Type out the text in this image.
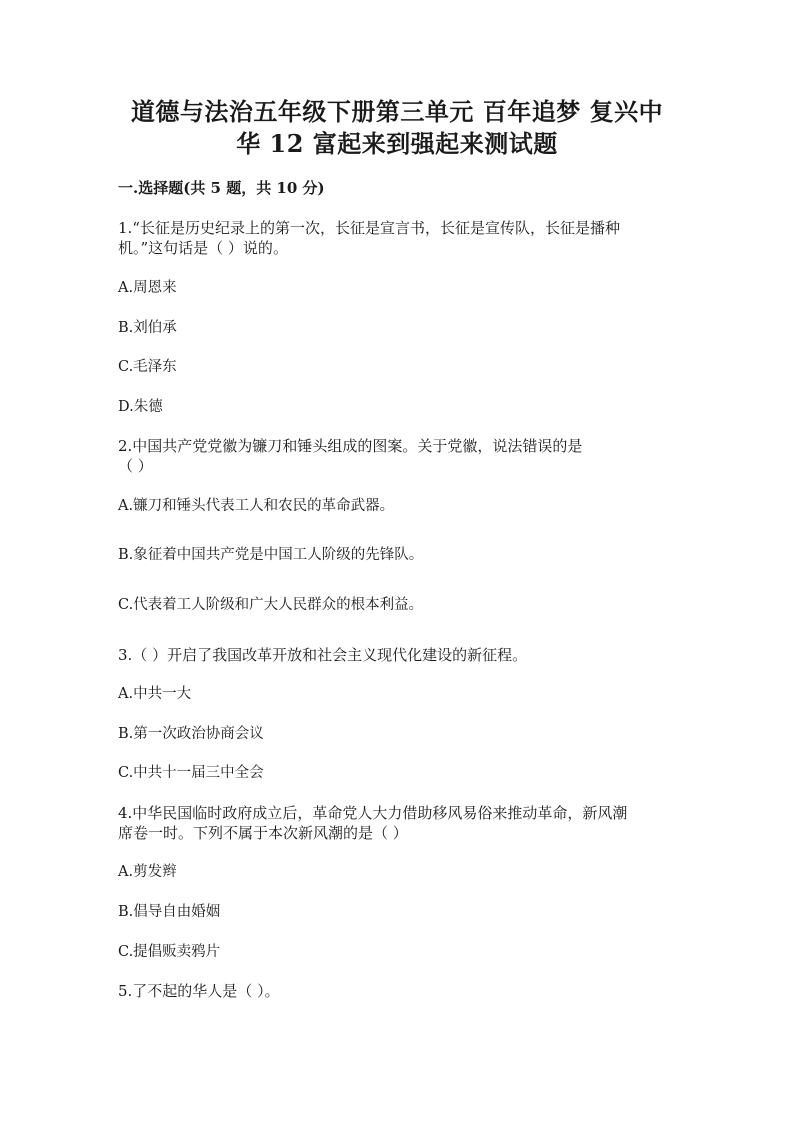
道德与法治五年级下册第三单元 百年追梦 复兴中
华 12 富起来到强起来测试题
一.选择题(共 5 题，共 10 分)
1.“长征是历史纪录上的第一次，长征是宣言书，长征是宣传队，长征是播种
机。”这句话是（ ）说的。
A.周恩来
B.刘伯承
C.毛泽东
D.朱德
2.中国共产党党徽为镰刀和锤头组成的图案。关于党徽，说法错误的是
（ ）
A.镰刀和锤头代表工人和农民的革命武器。
B.象征着中国共产党是中国工人阶级的先锋队。
C.代表着工人阶级和广大人民群众的根本利益。
3.（ ）开启了我国改革开放和社会主义现代化建设的新征程。
A.中共一大
B.第一次政治协商会议
C.中共十一届三中全会
4.中华民国临时政府成立后，革命党人大力借助移风易俗来推动革命，新风潮
席卷一时。下列不属于本次新风潮的是（ ）
A.剪发辫
B.倡导自由婚姻
C.提倡贩卖鸦片
5.了不起的华人是（ ）。
